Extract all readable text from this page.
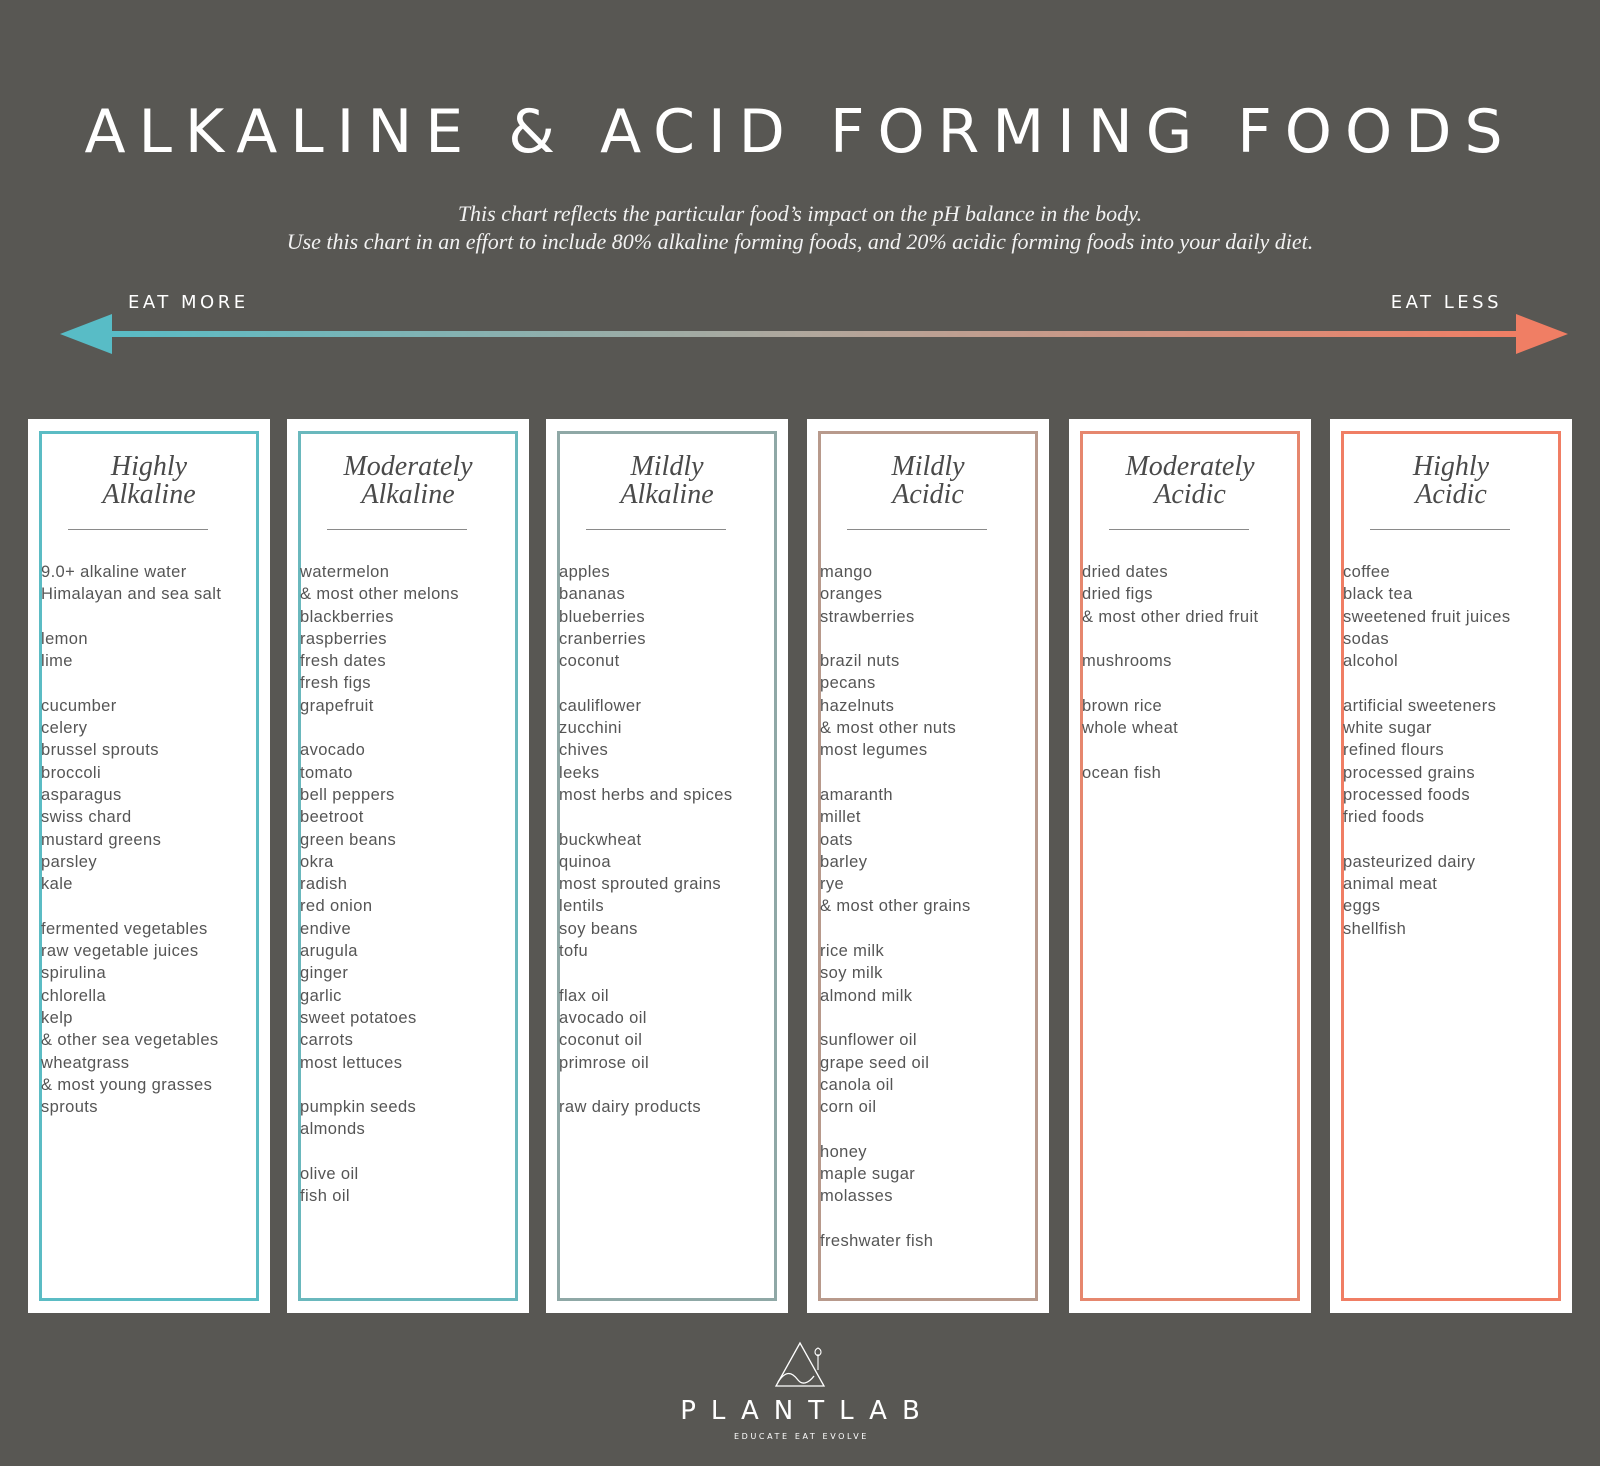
ALKALINE & ACID FORMING FOODS
This chart reflects the particular food’s impact on the pH balance in the body.
Use this chart in an effort to include 80% alkaline forming foods, and 20% acidic forming foods into your daily diet.
EAT MORE	EAT LESS
Highly
Alkaline
9.0+ alkaline water
Himalayan and sea salt
lemon
lime
cucumber
celery
brussel sprouts
broccoli
asparagus
swiss chard
mustard greens
parsley
kale
fermented vegetables
raw vegetable juices
spirulina
chlorella
kelp
& other sea vegetables
wheatgrass
& most young grasses
sprouts
Moderately
Alkaline
watermelon
& most other melons
blackberries
raspberries
fresh dates
fresh figs
grapefruit
avocado
tomato
bell peppers
beetroot
green beans
okra
radish
red onion
endive
arugula
ginger
garlic
sweet potatoes
carrots
most lettuces
pumpkin seeds
almonds
olive oil
fish oil
Mildly
Alkaline
apples
bananas
blueberries
cranberries
coconut
cauliflower
zucchini
chives
leeks
most herbs and spices
buckwheat
quinoa
most sprouted grains
lentils
soy beans
tofu
flax oil
avocado oil
coconut oil
primrose oil
raw dairy products
Mildly
Acidic
mango
oranges
strawberries
brazil nuts
pecans
hazelnuts
& most other nuts
most legumes
amaranth
millet
oats
barley
rye
& most other grains
rice milk
soy milk
almond milk
sunflower oil
grape seed oil
canola oil
corn oil
honey
maple sugar
molasses
freshwater fish
Moderately
Acidic
dried dates
dried figs
& most other dried fruit
mushrooms
brown rice
whole wheat
ocean fish
Highly
Acidic
coffee
black tea
sweetened fruit juices
sodas
alcohol
artificial sweeteners
white sugar
refined flours
processed grains
processed foods
fried foods
pasteurized dairy
animal meat
eggs
shellfish
PLANTLAB
EDUCATE EAT EVOLVE
